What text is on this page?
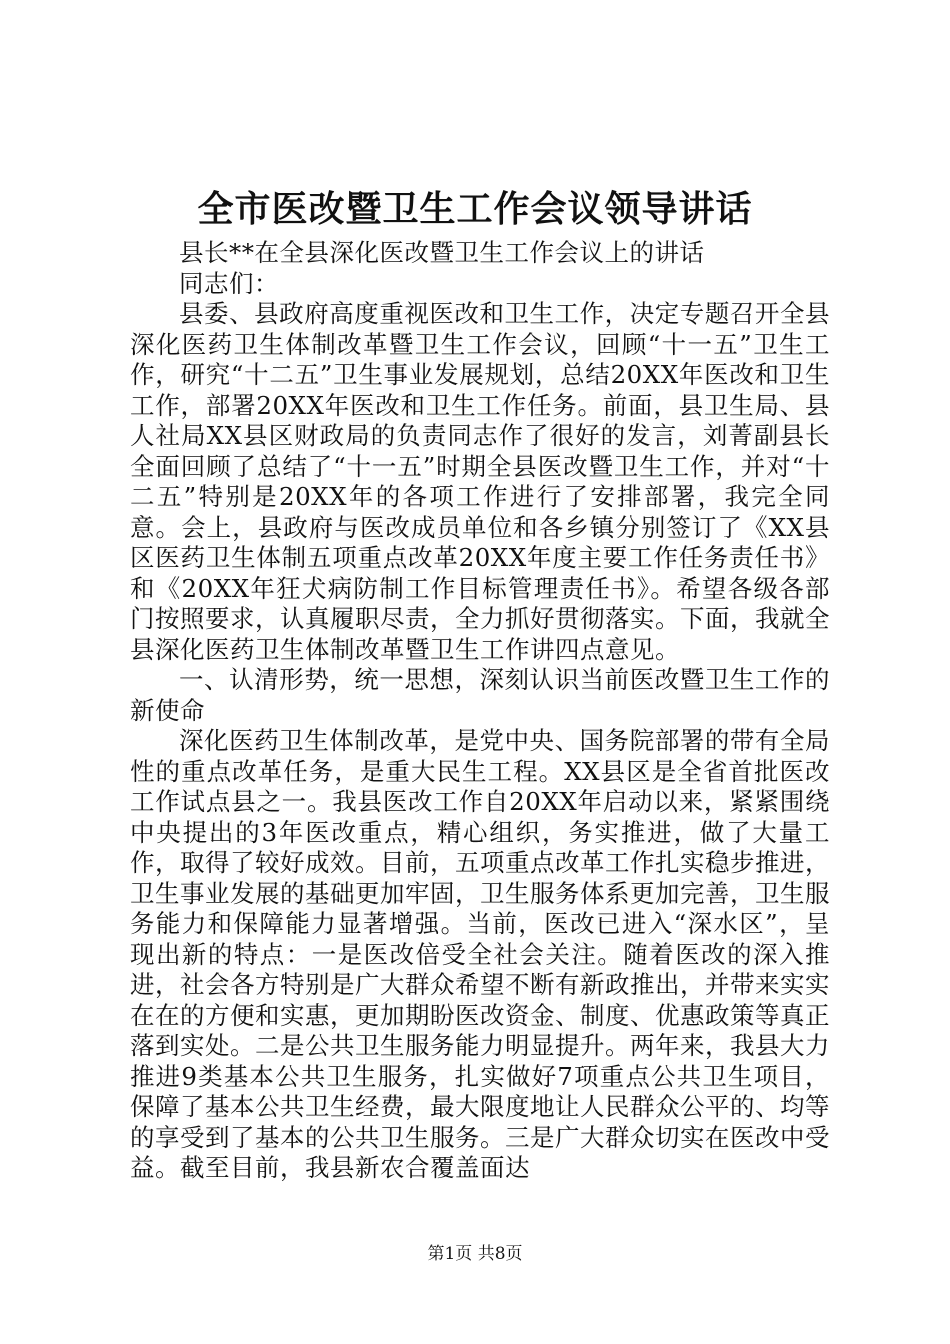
全市医改暨卫生工作会议领导讲话

县长**在全县深化医改暨卫生工作会议上的讲话

同志们：

县委、县政府高度重视医改和卫生工作，决定专题召开全县深化医药卫生体制改革暨卫生工作会议，回顾“十一五”卫生工作，研究“十二五”卫生事业发展规划，总结20XX年医改和卫生工作，部署20XX年医改和卫生工作任务。前面，县卫生局、县人社局XX县区财政局的负责同志作了很好的发言，刘菁副县长全面回顾了总结了“十一五”时期全县医改暨卫生工作，并对“十二五”特别是20XX年的各项工作进行了安排部署，我完全同意。会上，县政府与医改成员单位和各乡镇分别签订了《XX县区医药卫生体制五项重点改革20XX年度主要工作任务责任书》和《20XX年狂犬病防制工作目标管理责任书》。希望各级各部门按照要求，认真履职尽责，全力抓好贯彻落实。下面，我就全县深化医药卫生体制改革暨卫生工作讲四点意见。

一、认清形势，统一思想，深刻认识当前医改暨卫生工作的新使命

深化医药卫生体制改革，是党中央、国务院部署的带有全局性的重点改革任务，是重大民生工程。XX县区是全省首批医改工作试点县之一。我县医改工作自20XX年启动以来，紧紧围绕中央提出的3年医改重点，精心组织，务实推进，做了大量工作，取得了较好成效。目前，五项重点改革工作扎实稳步推进，卫生事业发展的基础更加牢固，卫生服务体系更加完善，卫生服务能力和保障能力显著增强。当前，医改已进入“深水区”，呈现出新的特点：一是医改倍受全社会关注。随着医改的深入推进，社会各方特别是广大群众希望不断有新政推出，并带来实实在在的方便和实惠，更加期盼医改资金、制度、优惠政策等真正落到实处。二是公共卫生服务能力明显提升。两年来，我县大力推进9类基本公共卫生服务，扎实做好7项重点公共卫生项目，保障了基本公共卫生经费，最大限度地让人民群众公平的、均等的享受到了基本的公共卫生服务。三是广大群众切实在医改中受益。截至目前，我县新农合覆盖面达

第1页 共8页
